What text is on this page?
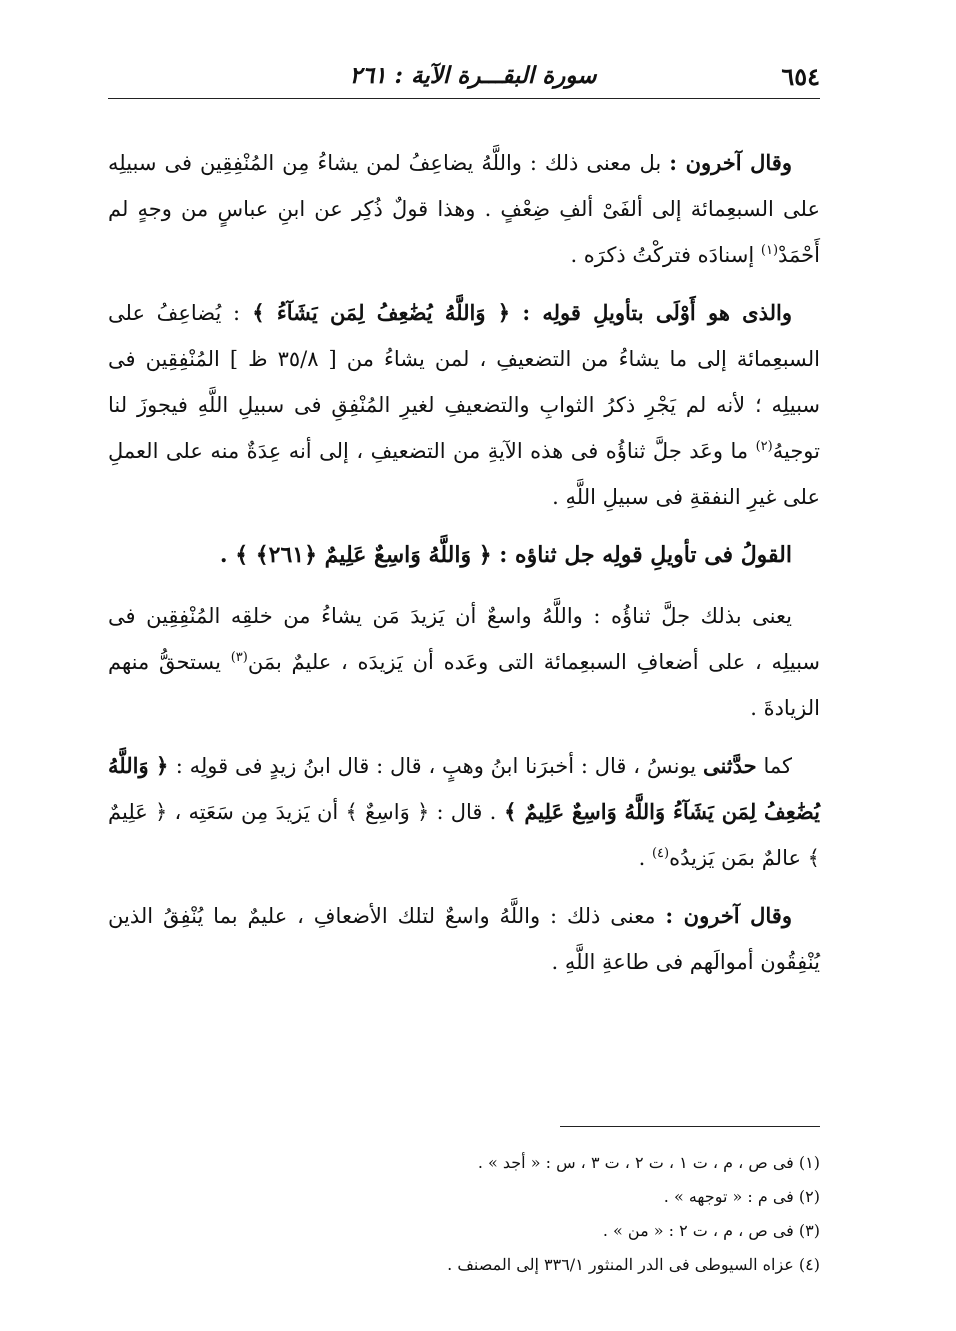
٦٥٤
سورة البقـــرة الآية : ٢٦١

وقال آخرون : بل معنى ذلك : واللَّهُ يضاعِفُ لمن يشاءُ مِن المُنْفِقِين فى سبيلِه على السبعِمائة إلى ألفَىْ ألفِ ضِعْفٍ . وهذا قولٌ ذُكِر عن ابنِ عباسٍ من وجهٍ لم أَحْمَدْ$^{(١)}$ إسنادَه فتركْتُ ذكرَه .

والذى هو أَوْلَى بتأويلِ قولِه : ﴿ وَاللَّهُ يُضَٰعِفُ لِمَن يَشَآءُ ﴾ : يُضاعِفُ على السبعِمائة إلى ما يشاءُ من التضعيفِ ، لمن يشاءُ من [ ٣٥/٨ ظ ] المُنْفِقِين فى سبيلِه ؛ لأنه لم يَجْرِ ذكرُ الثوابِ والتضعيفِ لغيرِ المُنْفِقِ فى سبيلِ اللَّهِ فيجوزَ لنا توجيهُ$^{(٢)}$ ما وعَد جلَّ ثناؤُه فى هذه الآيةِ من التضعيفِ ، إلى أنه عِدَةٌ منه على العملِ على غيرِ النفقةِ فى سبيلِ اللَّهِ .

القولُ فى تأويلِ قولِه جل ثناؤه : ﴿ وَاللَّهُ وَاسِعٌ عَلِيمٌ ﴿٢٦١﴾ ﴾ .

يعنى بذلك جلَّ ثناؤُه : واللَّهُ واسعٌ أن يَزيدَ مَن يشاءُ من خلقِه المُنْفِقِين فى سبيلِه ، على أضعافِ السبعِمائة التى وعَده أن يَزيدَه ، عليمٌ بمَن$^{(٣)}$ يستحقُّ منهم الزيادةَ .

كما حدَّثنى يونسُ ، قال : أخبرَنا ابنُ وهبٍ ، قال : قال ابنُ زيدٍ فى قولِه : ﴿ وَاللَّهُ يُضَٰعِفُ لِمَن يَشَآءُ وَاللَّهُ وَاسِعٌ عَلِيمٌ ﴾ . قال : ﴿ وَاسِعٌ ﴾ أن يَزيدَ مِن سَعَتِه ، ﴿ عَلِيمٌ ﴾ عالمٌ بمَن يَزيدُه$^{(٤)}$ .

وقال آخرون : معنى ذلك : واللَّهُ واسعٌ لتلك الأضعافِ ، عليمٌ بما يُنْفِقُ الذين يُنْفِقُون أموالَهم فى طاعةِ اللَّهِ .

(١) فى ص ، م ، ت ١ ، ت ٢ ، ت ٣ ، س : « أجد » .

(٢) فى م : « توجهه » .

(٣) فى ص ، م ، ت ٢ : « من » .

(٤) عزاه السيوطى فى الدر المنثور ٣٣٦/١ إلى المصنف .
